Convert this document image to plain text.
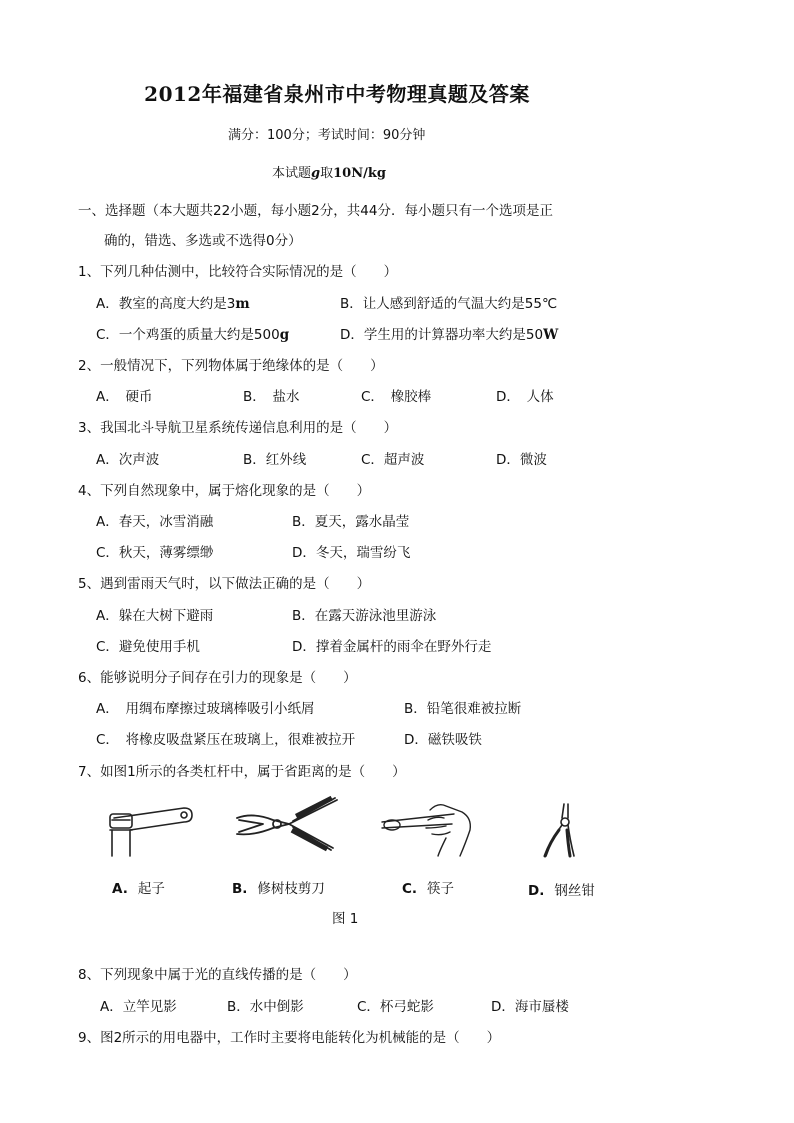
2012年福建省泉州市中考物理真题及答案
满分：100分；考试时间：90分钟
本试题g取10N/kg
一、选择题（本大题共22小题，每小题2分，共44分．每小题只有一个选项是正
确的，错选、多选或不选得0分）
1、下列几种估测中，比较符合实际情况的是（　　）
A．教室的高度大约是3m	B．让人感到舒适的气温大约是55℃
C．一个鸡蛋的质量大约是500g	D．学生用的计算器功率大约是50W
2、一般情况下，下列物体属于绝缘体的是（　　）
A．　硬币	B．　盐水	C．　橡胶棒	D．　人体
3、我国北斗导航卫星系统传递信息利用的是（　　）
A．次声波	B．红外线	C．超声波	D．微波
4、下列自然现象中，属于熔化现象的是（　　）
A．春天，冰雪消融	B．夏天，露水晶莹
C．秋天，薄雾缥缈	D．冬天，瑞雪纷飞
5、遇到雷雨天气时，以下做法正确的是（　　）
A．躲在大树下避雨	B．在露天游泳池里游泳
C．避免使用手机	D．撑着金属杆的雨伞在野外行走
6、能够说明分子间存在引力的现象是（　　）
A．　用绸布摩擦过玻璃棒吸引小纸屑	B．铅笔很难被拉断
C．　将橡皮吸盘紧压在玻璃上，很难被拉开	D．磁铁吸铁
7、如图1所示的各类杠杆中，属于省距离的是（　　）
A. 起子	B. 修树枝剪刀	C. 筷子	D. 钢丝钳
图 1
8、下列现象中属于光的直线传播的是（　　）
A．立竿见影	B．水中倒影	C．杯弓蛇影	D．海市蜃楼
9、图2所示的用电器中，工作时主要将电能转化为机械能的是（　　）
